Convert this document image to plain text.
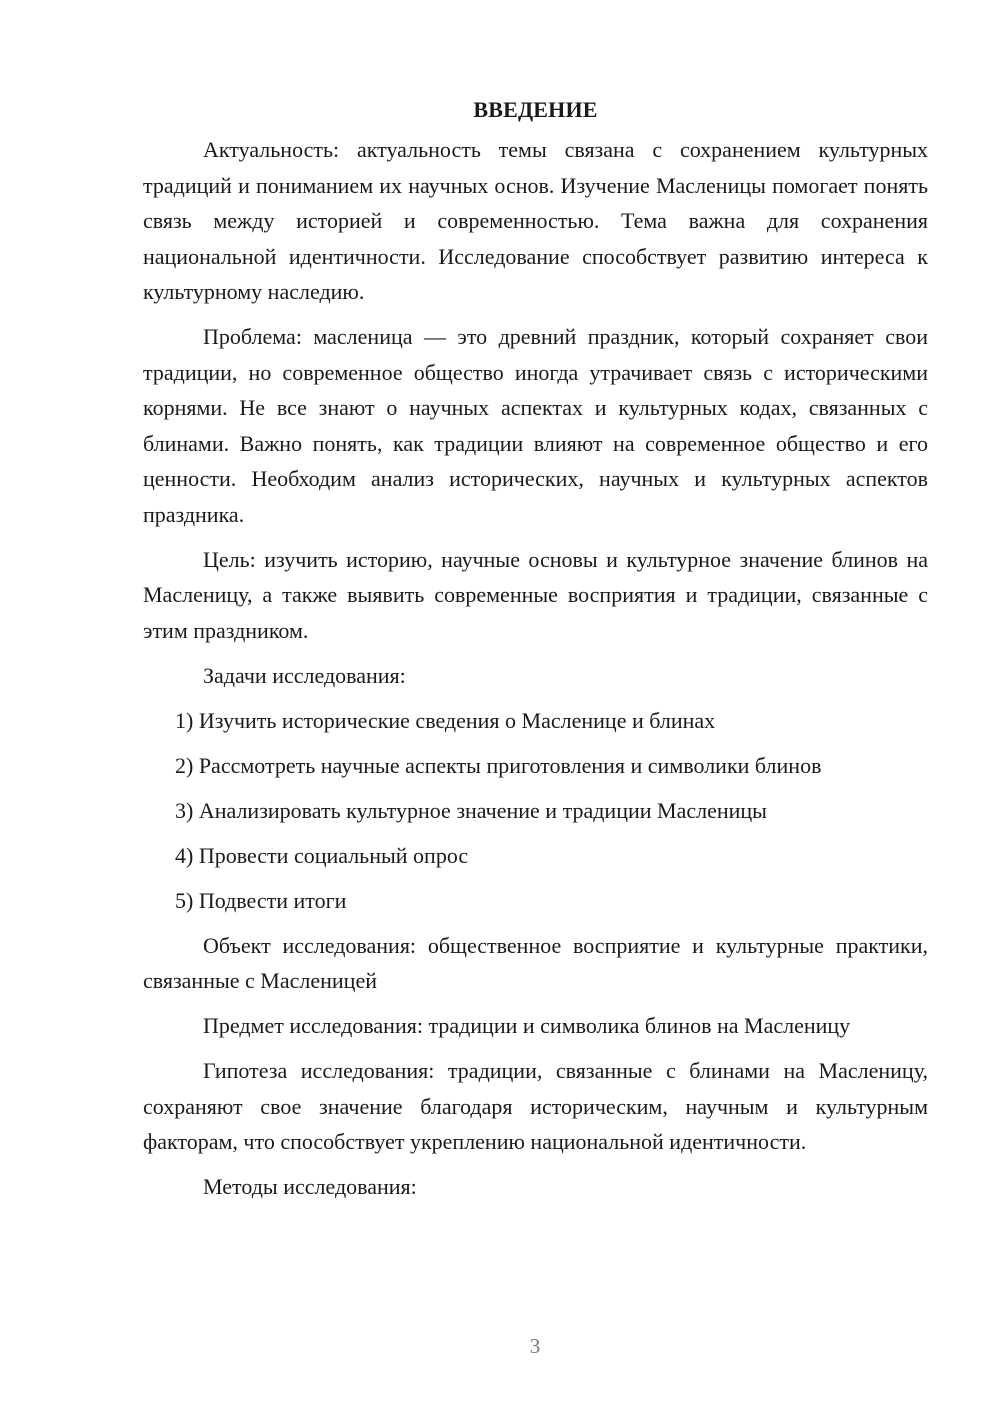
ВВЕДЕНИЕ

Актуальность: актуальность темы связана с сохранением культурных традиций и пониманием их научных основ. Изучение Масленицы помогает понять связь между историей и современностью. Тема важна для сохранения национальной идентичности. Исследование способствует развитию интереса к культурному наследию.

Проблема: масленица — это древний праздник, который сохраняет свои традиции, но современное общество иногда утрачивает связь с историческими корнями. Не все знают о научных аспектах и культурных кодах, связанных с блинами. Важно понять, как традиции влияют на современное общество и его ценности. Необходим анализ исторических, научных и культурных аспектов праздника.

Цель: изучить историю, научные основы и культурное значение блинов на Масленицу, а также выявить современные восприятия и традиции, связанные с этим праздником.

Задачи исследования:

1) Изучить исторические сведения о Масленице и блинах

2) Рассмотреть научные аспекты приготовления и символики блинов

3) Анализировать культурное значение и традиции Масленицы

4) Провести социальный опрос

5) Подвести итоги

Объект исследования: общественное восприятие и культурные практики, связанные с Масленицей

Предмет исследования: традиции и символика блинов на Масленицу

Гипотеза исследования: традиции, связанные с блинами на Масленицу, сохраняют свое значение благодаря историческим, научным и культурным факторам, что способствует укреплению национальной идентичности.

Методы исследования:

3
